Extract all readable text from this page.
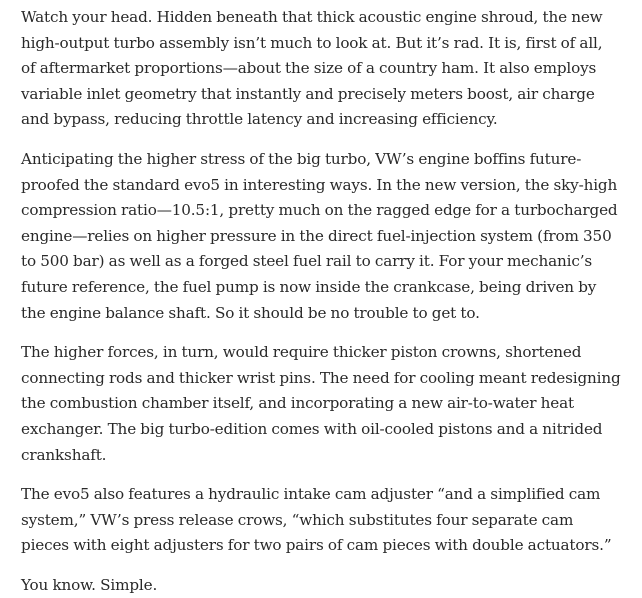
Watch your head. Hidden beneath that thick acoustic engine shroud, the new high-output turbo assembly isn’t much to look at. But it’s rad. It is, first of all, of aftermarket proportions—about the size of a country ham. It also employs variable inlet geometry that instantly and precisely meters boost, air charge and bypass, reducing throttle latency and increasing efficiency.

Anticipating the higher stress of the big turbo, VW’s engine boffins future-proofed the standard evo5 in interesting ways. In the new version, the sky-high compression ratio—10.5:1, pretty much on the ragged edge for a turbocharged engine—relies on higher pressure in the direct fuel-injection system (from 350 to 500 bar) as well as a forged steel fuel rail to carry it. For your mechanic’s future reference, the fuel pump is now inside the crankcase, being driven by the engine balance shaft. So it should be no trouble to get to.

The higher forces, in turn, would require thicker piston crowns, shortened connecting rods and thicker wrist pins. The need for cooling meant redesigning the combustion chamber itself, and incorporating a new air-to-water heat exchanger. The big turbo-edition comes with oil-cooled pistons and a nitrided crankshaft.

The evo5 also features a hydraulic intake cam adjuster “and a simplified cam system,” VW’s press release crows, “which substitutes four separate cam pieces with eight adjusters for two pairs of cam pieces with double actuators.”

You know. Simple.
